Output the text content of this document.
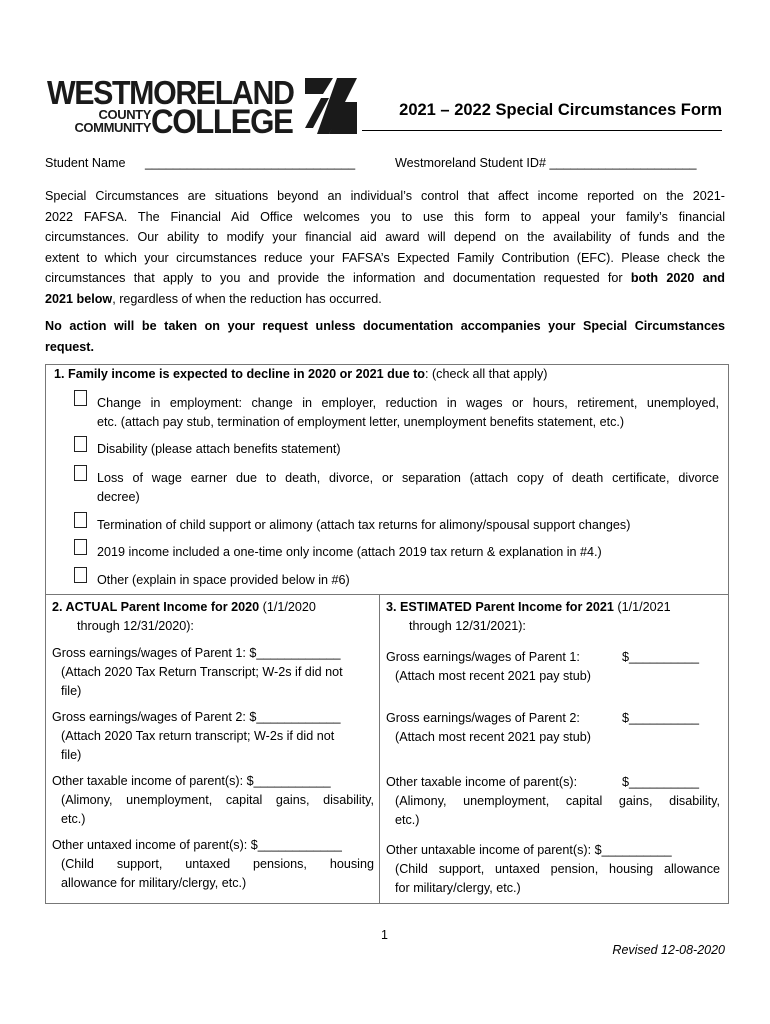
WESTMORELAND
COUNTY
COMMUNITY COLLEGE	2021 – 2022 Special Circumstances Form
Student Name ______________________________	Westmoreland Student ID# _____________________
Special Circumstances are situations beyond an individual’s control that affect income reported on the 2021-
2022 FAFSA. The Financial Aid Office welcomes you to use this form to appeal your family’s financial
circumstances. Our ability to modify your financial aid award will depend on the availability of funds and the
extent to which your circumstances reduce your FAFSA’s Expected Family Contribution (EFC). Please check the
circumstances that apply to you and provide the information and documentation requested for both 2020 and
2021 below, regardless of when the reduction has occurred.
No action will be taken on your request unless documentation accompanies your Special Circumstances
request.
1. Family income is expected to decline in 2020 or 2021 due to: (check all that apply)
Change in employment: change in employer, reduction in wages or hours, retirement, unemployed,
etc. (attach pay stub, termination of employment letter, unemployment benefits statement, etc.)
Disability (please attach benefits statement)
Loss of wage earner due to death, divorce, or separation (attach copy of death certificate, divorce
decree)
Termination of child support or alimony (attach tax returns for alimony/spousal support changes)
2019 income included a one-time only income (attach 2019 tax return & explanation in #4.)
Other (explain in space provided below in #6)
2. ACTUAL Parent Income for 2020 (1/1/2020
through 12/31/2020):
Gross earnings/wages of Parent 1: $____________
(Attach 2020 Tax Return Transcript; W-2s if did not
file)
Gross earnings/wages of Parent 2: $____________
(Attach 2020 Tax return transcript; W-2s if did not
file)
Other taxable income of parent(s): $___________
(Alimony, unemployment, capital gains, disability,
etc.)
Other untaxed income of parent(s): $____________
(Child support, untaxed pensions, housing
allowance for military/clergy, etc.)
3. ESTIMATED Parent Income for 2021 (1/1/2021
through 12/31/2021):
Gross earnings/wages of Parent 1:	$__________
(Attach most recent 2021 pay stub)
Gross earnings/wages of Parent 2:	$__________
(Attach most recent 2021 pay stub)
Other taxable income of parent(s):	$__________
(Alimony, unemployment, capital gains, disability,
etc.)
Other untaxable income of parent(s): $__________
(Child support, untaxed pension, housing allowance
for military/clergy, etc.)
1
Revised 12-08-2020
